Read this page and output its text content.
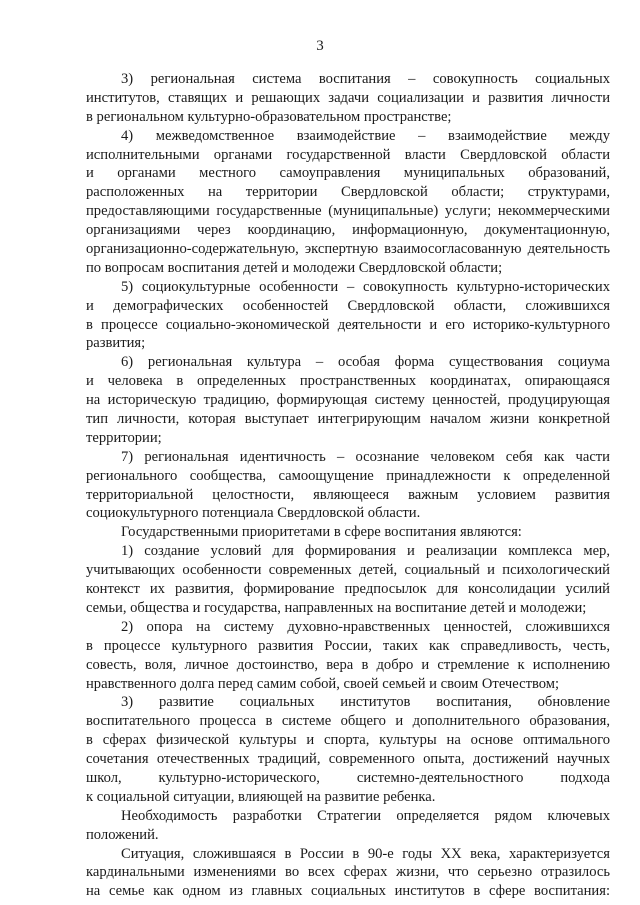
3
3) региональная система воспитания – совокупность социальных
институтов, ставящих и решающих задачи социализации и развития личности
в региональном культурно-образовательном пространстве;
4) межведомственное взаимодействие – взаимодействие между
исполнительными органами государственной власти Свердловской области
и органами местного самоуправления муниципальных образований,
расположенных на территории Свердловской области; структурами,
предоставляющими государственные (муниципальные) услуги; некоммерческими
организациями через координацию, информационную, документационную,
организационно-содержательную, экспертную взаимосогласованную деятельность
по вопросам воспитания детей и молодежи Свердловской области;
5) социокультурные особенности – совокупность культурно-исторических
и демографических особенностей Свердловской области, сложившихся
в процессе социально-экономической деятельности и его историко-культурного
развития;
6) региональная культура – особая форма существования социума
и человека в определенных пространственных координатах, опирающаяся
на историческую традицию, формирующая систему ценностей, продуцирующая
тип личности, которая выступает интегрирующим началом жизни конкретной
территории;
7) региональная идентичность – осознание человеком себя как части
регионального сообщества, самоощущение принадлежности к определенной
территориальной целостности, являющееся важным условием развития
социокультурного потенциала Свердловской области.
Государственными приоритетами в сфере воспитания являются:
1) создание условий для формирования и реализации комплекса мер,
учитывающих особенности современных детей, социальный и психологический
контекст их развития, формирование предпосылок для консолидации усилий
семьи, общества и государства, направленных на воспитание детей и молодежи;
2) опора на систему духовно-нравственных ценностей, сложившихся
в процессе культурного развития России, таких как справедливость, честь,
совесть, воля, личное достоинство, вера в добро и стремление к исполнению
нравственного долга перед самим собой, своей семьей и своим Отечеством;
3) развитие социальных институтов воспитания, обновление
воспитательного процесса в системе общего и дополнительного образования,
в сферах физической культуры и спорта, культуры на основе оптимального
сочетания отечественных традиций, современного опыта, достижений научных
школ, культурно-исторического, системно-деятельностного подхода
к социальной ситуации, влияющей на развитие ребенка.
Необходимость разработки Стратегии определяется рядом ключевых
положений.
Ситуация, сложившаяся в России в 90-е годы XX века, характеризуется
кардинальными изменениями во всех сферах жизни, что серьезно отразилось
на семье как одном из главных социальных институтов в сфере воспитания:
